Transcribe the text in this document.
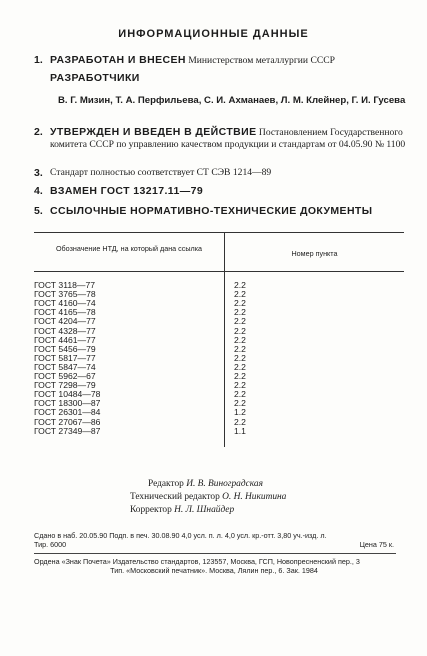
ИНФОРМАЦИОННЫЕ ДАННЫЕ
1. РАЗРАБОТАН И ВНЕСЕН Министерством металлургии СССР
РАЗРАБОТЧИКИ
В. Г. Мизин, Т. А. Перфильева, С. И. Ахманаев, Л. М. Клейнер, Г. И. Гусева
2. УТВЕРЖДЕН И ВВЕДЕН В ДЕЙСТВИЕ Постановлением Государственного комитета СССР по управлению качеством продукции и стандартам от 04.05.90 № 1100
3. Стандарт полностью соответствует СТ СЭВ 1214—89
4. ВЗАМЕН ГОСТ 13217.11—79
5. ССЫЛОЧНЫЕ НОРМАТИВНО-ТЕХНИЧЕСКИЕ ДОКУМЕНТЫ
Обозначение НТД, на который дана ссылка
Номер пункта
ГОСТ 3118—77	2.2
ГОСТ 3765—78	2.2
ГОСТ 4160—74	2.2
ГОСТ 4165—78	2.2
ГОСТ 4204—77	2.2
ГОСТ 4328—77	2.2
ГОСТ 4461—77	2.2
ГОСТ 5456—79	2.2
ГОСТ 5817—77	2.2
ГОСТ 5847—74	2.2
ГОСТ 5962—67	2.2
ГОСТ 7298—79	2.2
ГОСТ 10484—78	2.2
ГОСТ 18300—87	2.2
ГОСТ 26301—84	1.2
ГОСТ 27067—86	2.2
ГОСТ 27349—87	1.1
Редактор И. В. Виноградская
Технический редактор О. Н. Никитина
Корректор Н. Л. Шнайдер
Сдано в наб. 20.05.90 Подп. в печ. 30.08.90 4,0 усл. п. л. 4,0 усл. кр.-отт. 3,80 уч.-изд. л.
Тир. 6000	Цена 75 к.
Ордена «Знак Почета» Издательство стандартов, 123557, Москва, ГСП, Новопресненский пер., 3
Тип. «Московский печатник». Москва, Лялин пер., 6. Зак. 1984
